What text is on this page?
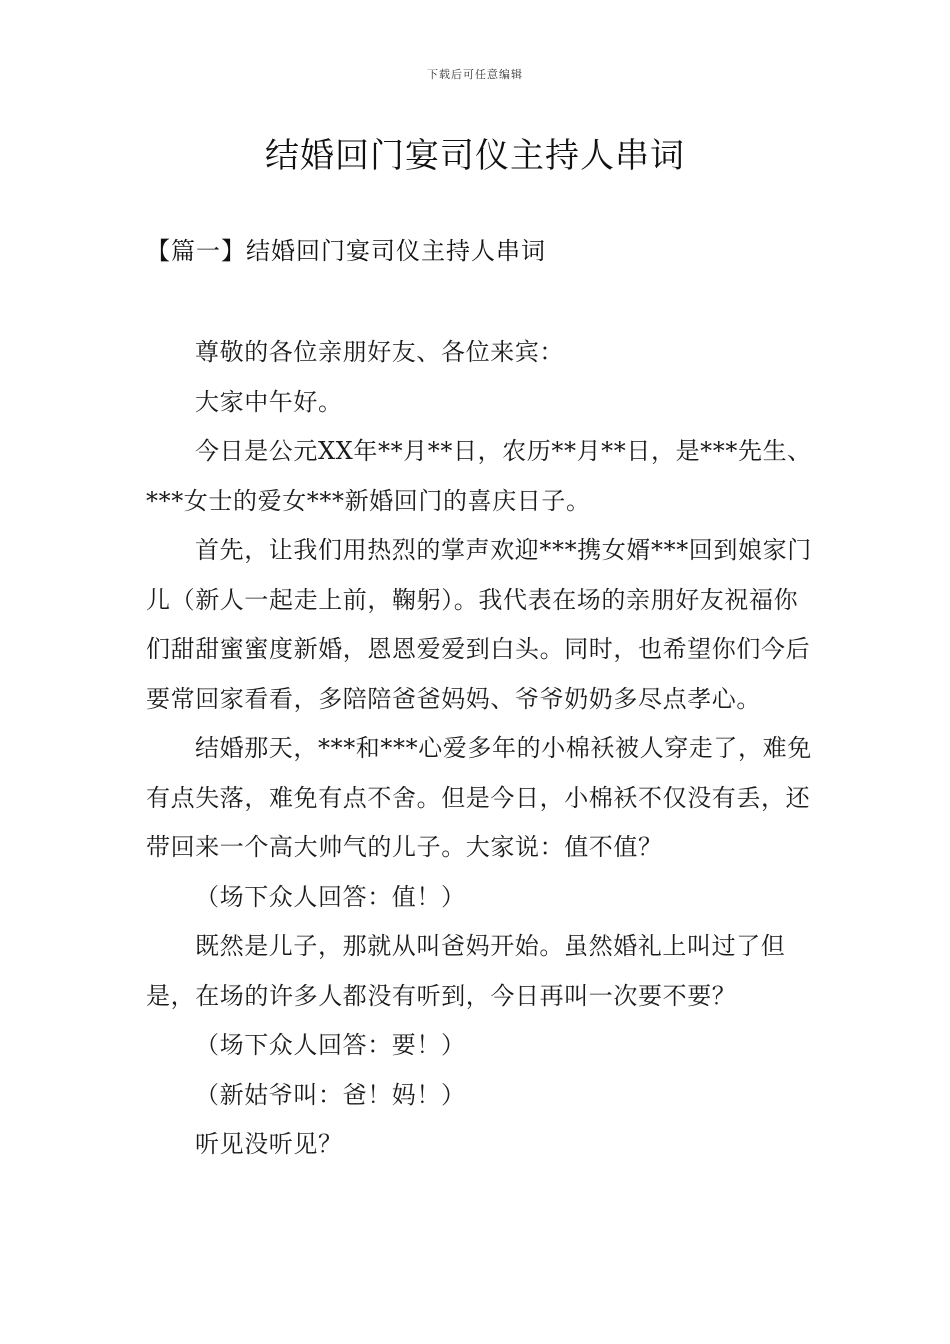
下载后可任意编辑
结婚回门宴司仪主持人串词
【篇一】结婚回门宴司仪主持人串词

尊敬的各位亲朋好友、各位来宾：

大家中午好。

今日是公元XX年**月**日，农历**月**日，是***先生、***女士的爱女***新婚回门的喜庆日子。

首先，让我们用热烈的掌声欢迎***携女婿***回到娘家门儿（新人一起走上前，鞠躬）。我代表在场的亲朋好友祝福你们甜甜蜜蜜度新婚，恩恩爱爱到白头。同时，也希望你们今后要常回家看看，多陪陪爸爸妈妈、爷爷奶奶多尽点孝心。

结婚那天，***和***心爱多年的小棉袄被人穿走了，难免有点失落，难免有点不舍。但是今日，小棉袄不仅没有丢，还带回来一个高大帅气的儿子。大家说：值不值？

（场下众人回答：值！）

既然是儿子，那就从叫爸妈开始。虽然婚礼上叫过了但是，在场的许多人都没有听到，今日再叫一次要不要？

（场下众人回答：要！）

（新姑爷叫：爸！妈！）

听见没听见？
